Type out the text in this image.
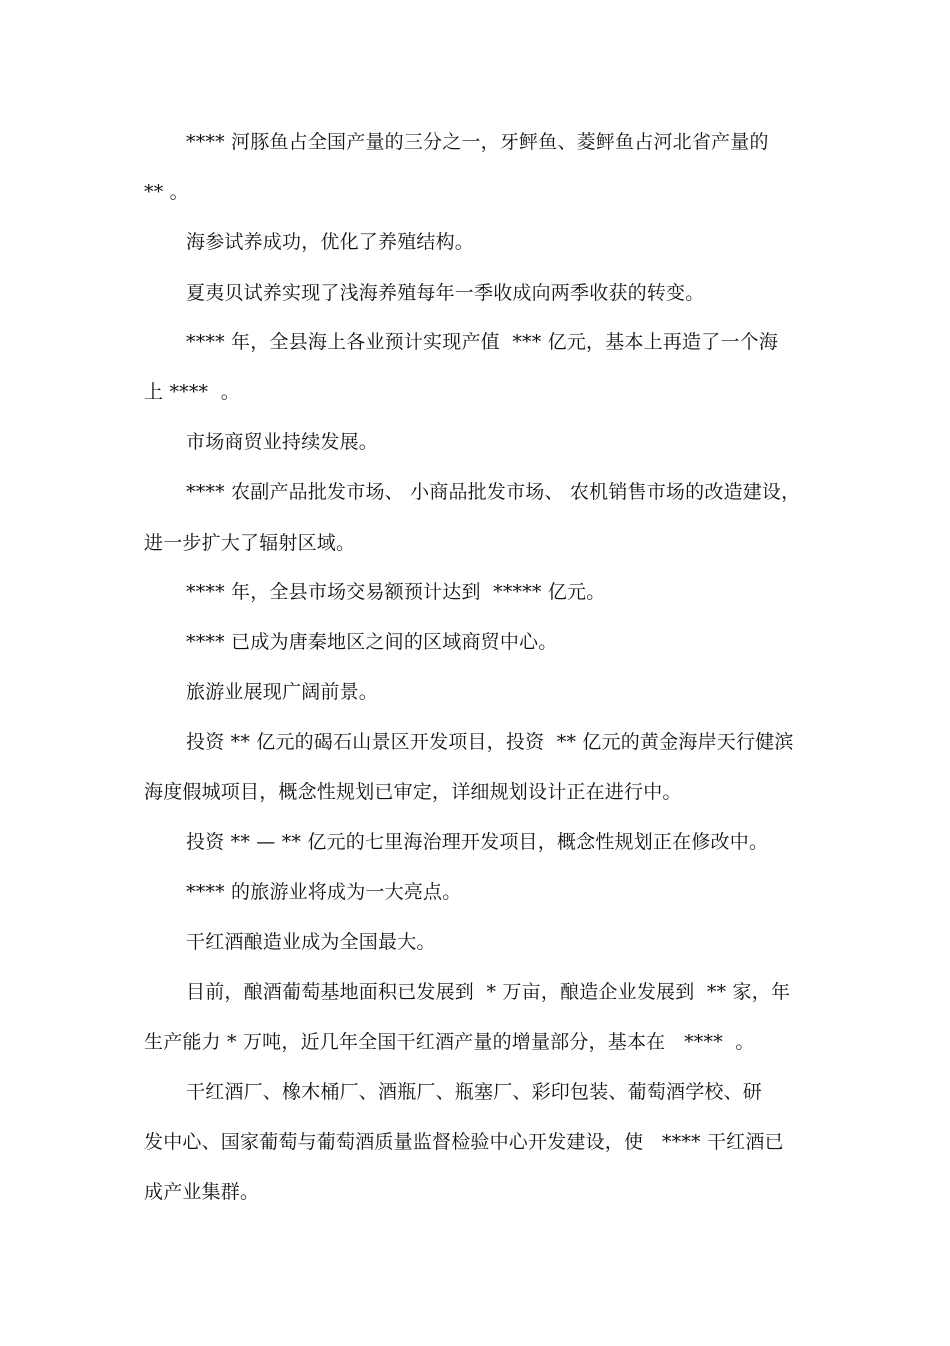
**** 河豚鱼占全国产量的三分之一，牙鲆鱼、菱鲆鱼占河北省产量的
** 。
海参试养成功，优化了养殖结构。
夏夷贝试养实现了浅海养殖每年一季收成向两季收获的转变。
**** 年，全县海上各业预计实现产值  *** 亿元，基本上再造了一个海
上 ****  。
市场商贸业持续发展。
**** 农副产品批发市场、 小商品批发市场、 农机销售市场的改造建设，
进一步扩大了辐射区域。
**** 年，全县市场交易额预计达到  ***** 亿元。
**** 已成为唐秦地区之间的区域商贸中心。
旅游业展现广阔前景。
投资 ** 亿元的碣石山景区开发项目，投资  ** 亿元的黄金海岸天行健滨
海度假城项目，概念性规划已审定，详细规划设计正在进行中。
投资 ** — ** 亿元的七里海治理开发项目，概念性规划正在修改中。
**** 的旅游业将成为一大亮点。
干红酒酿造业成为全国最大。
目前，酿酒葡萄基地面积已发展到  * 万亩，酿造企业发展到  ** 家，年
生产能力 * 万吨，近几年全国干红酒产量的增量部分，基本在   ****  。
干红酒厂、橡木桶厂、酒瓶厂、瓶塞厂、彩印包装、葡萄酒学校、研
发中心、国家葡萄与葡萄酒质量监督检验中心开发建设，使   **** 干红酒已
成产业集群。
